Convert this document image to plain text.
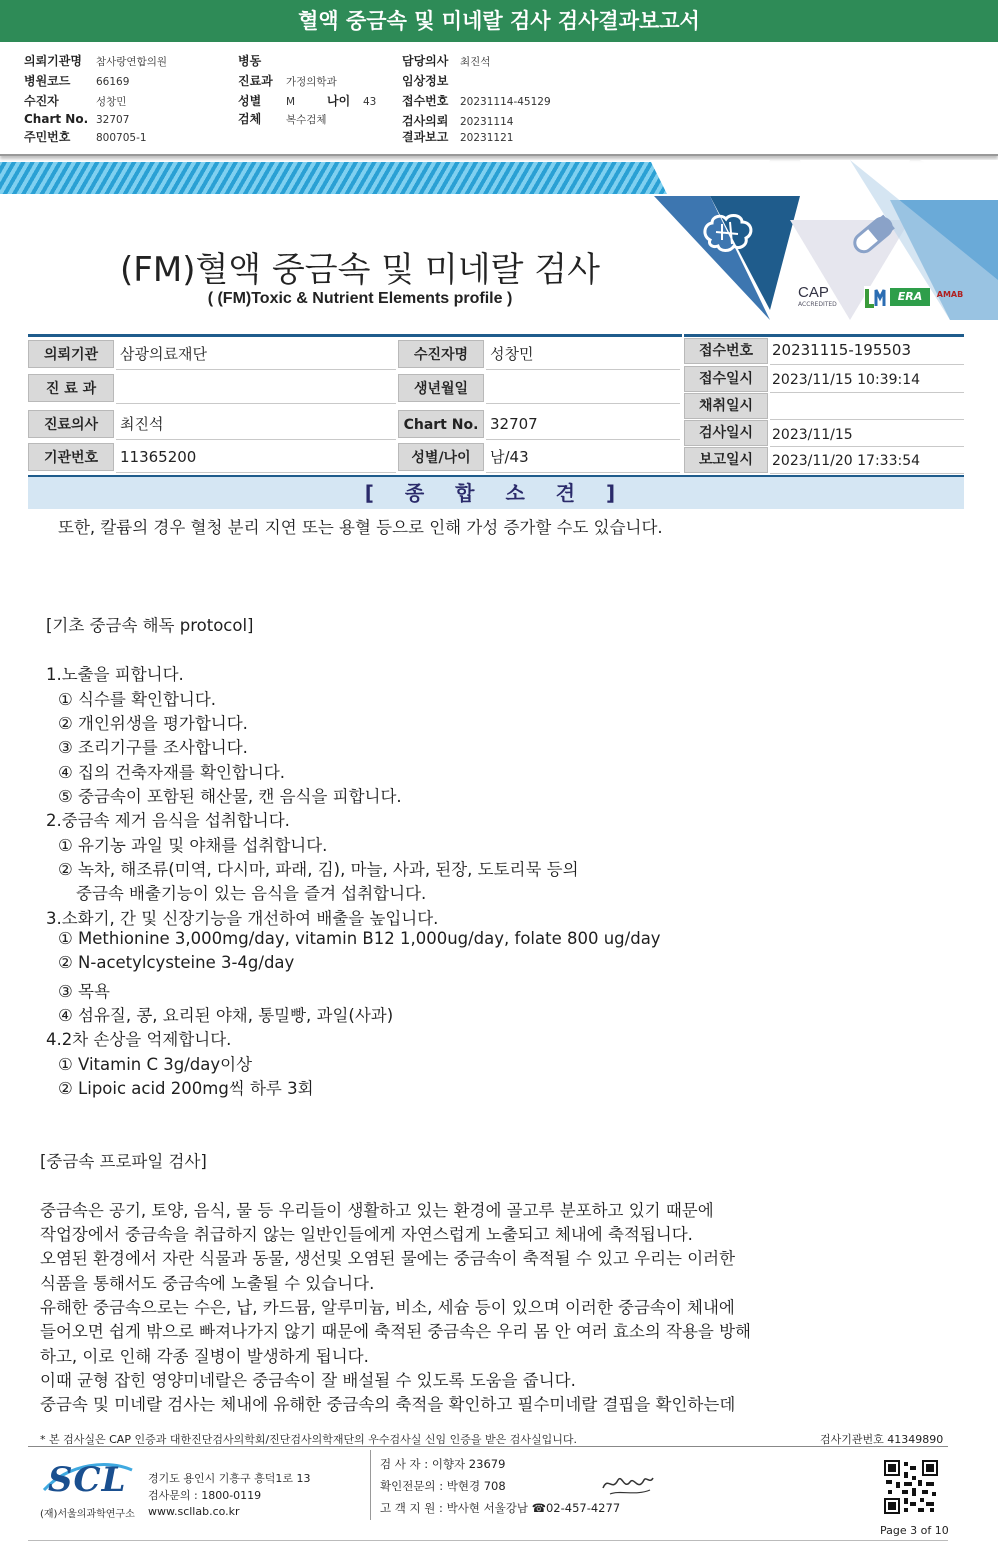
혈액 중금속 및 미네랄 검사 검사결과보고서
의뢰기관명 참사랑연합의원
병원코드 66169
수진자	성창민
Chart No. 32707
주민번호 800705-1
병동
진료과 가정의학과
성별 M	나이 43
검체 복수검체
담당의사 최진석
임상정보
접수번호 20231114-45129
검사의뢰 20231114
결과보고 20231121
CAP
ACCREDITED
ERA	AMAB
(FM)혈액 중금속 및 미네랄 검사
( (FM)Toxic & Nutrient Elements profile )
의뢰기관	삼광의료재단
진 료 과
진료의사	최진석
기관번호	11365200
수진자명	성창민
생년월일
Chart No. 32707
성별/나이	남/43
접수번호	20231115-195503
접수일시	2023/11/15 10:39:14
채취일시
검사일시	2023/11/15
보고일시	2023/11/20 17:33:54
[ 종 합 소 견 ]
또한, 칼륨의 경우 혈청 분리 지연 또는 용혈 등으로 인해 가성 증가할 수도 있습니다.
[기초 중금속 해독 protocol]
1.노출을 피합니다.
① 식수를 확인합니다.
② 개인위생을 평가합니다.
③ 조리기구를 조사합니다.
④ 집의 건축자재를 확인합니다.
⑤ 중금속이 포함된 해산물, 캔 음식을 피합니다.
2.중금속 제거 음식을 섭취합니다.
① 유기농 과일 및 야채를 섭취합니다.
② 녹차, 해조류(미역, 다시마, 파래, 김), 마늘, 사과, 된장, 도토리묵 등의
중금속 배출기능이 있는 음식을 즐겨 섭취합니다.
3.소화기, 간 및 신장기능을 개선하여 배출을 높입니다.
① Methionine 3,000mg/day, vitamin B12 1,000ug/day, folate 800 ug/day
② N-acetylcysteine 3-4g/day
③ 목욕
④ 섬유질, 콩, 요리된 야채, 통밀빵, 과일(사과)
4.2차 손상을 억제합니다.
① Vitamin C 3g/day이상
② Lipoic acid 200mg씩 하루 3회
[중금속 프로파일 검사]
중금속은 공기, 토양, 음식, 물 등 우리들이 생활하고 있는 환경에 골고루 분포하고 있기 때문에
작업장에서 중금속을 취급하지 않는 일반인들에게 자연스럽게 노출되고 체내에 축적됩니다.
오염된 환경에서 자란 식물과 동물, 생선및 오염된 물에는 중금속이 축적될 수 있고 우리는 이러한
식품을 통해서도 중금속에 노출될 수 있습니다.
유해한 중금속으로는 수은, 납, 카드뮴, 알루미늄, 비소, 세슘 등이 있으며 이러한 중금속이 체내에
들어오면 쉽게 밖으로 빠져나가지 않기 때문에 축적된 중금속은 우리 몸 안 여러 효소의 작용을 방해
하고, 이로 인해 각종 질병이 발생하게 됩니다.
이때 균형 잡힌 영양미네랄은 중금속이 잘 배설될 수 있도록 도움을 줍니다.
중금속 및 미네랄 검사는 체내에 유해한 중금속의 축적을 확인하고 필수미네랄 결핍을 확인하는데
* 본 검사실은 CAP 인증과 대한진단검사의학회/진단검사의학재단의 우수검사실 신임 인증을 받은 검사실입니다.	검사기관번호 41349890
SCL
(재)서울의과학연구소
경기도 용인시 기흥구 흥덕1로 13
검사문의 : 1800-0119
www.scllab.co.kr
검 사 자 : 이향자 23679
확인전문의 : 박현경 708
고 객 지 원 : 박사현 서울강남 ☎02-457-4277
Page 3 of 10
